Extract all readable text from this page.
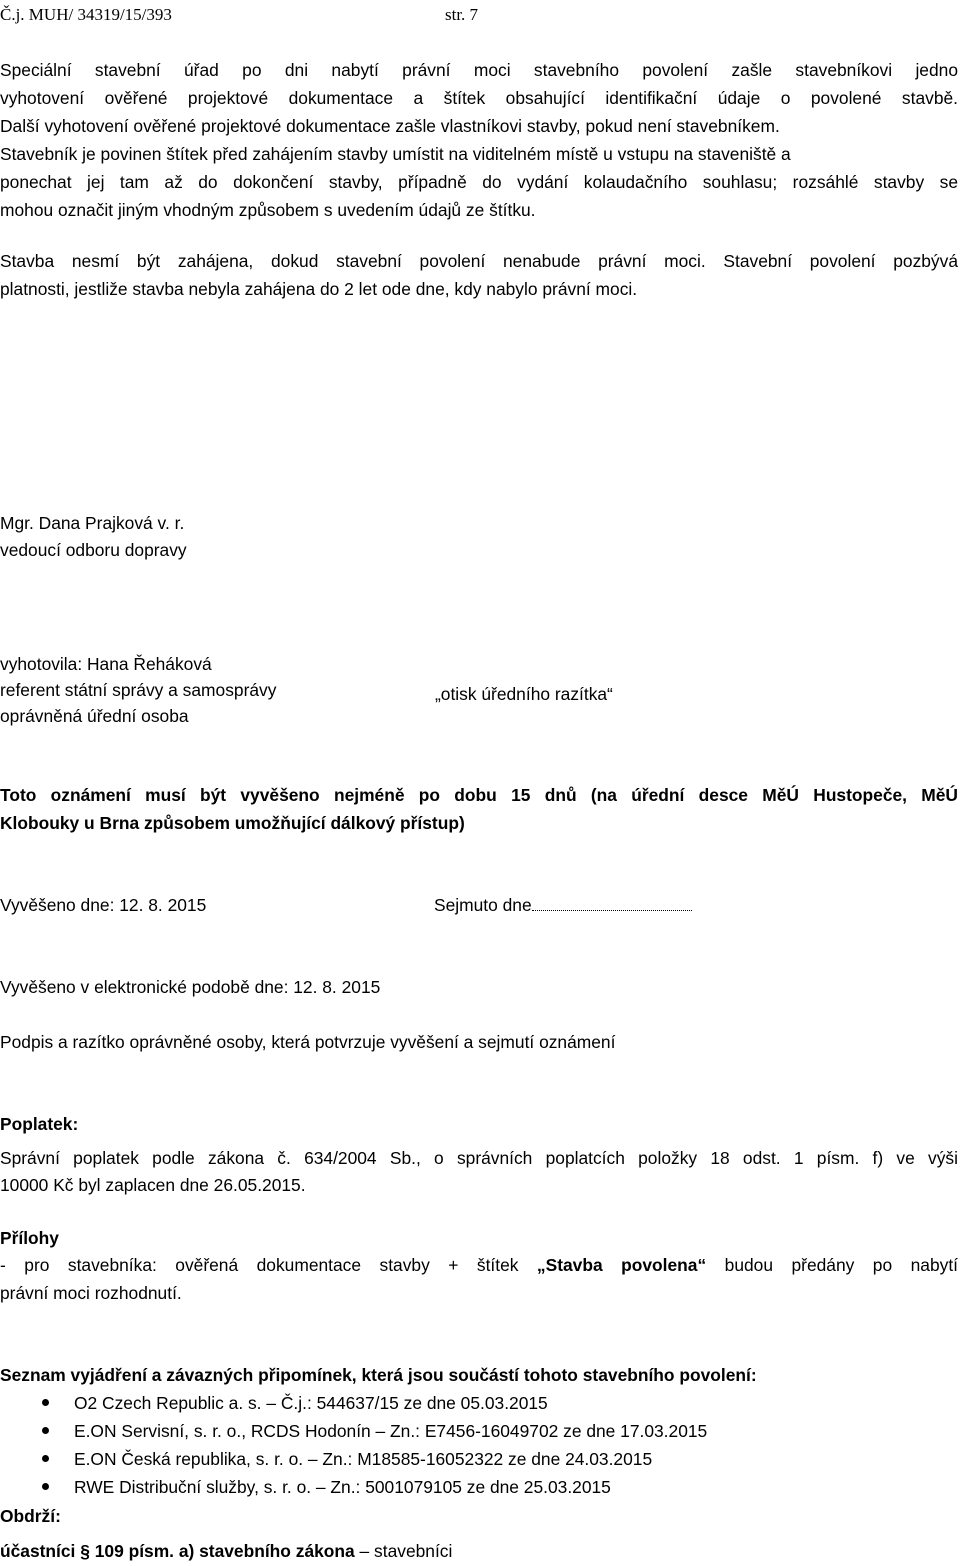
Č.j. MUH/ 34319/15/393	str. 7
Speciální stavební úřad po dni nabytí právní moci stavebního povolení zašle stavebníkovi jedno
vyhotovení ověřené projektové dokumentace a štítek obsahující identifikační údaje o povolené stavbě.
Další vyhotovení ověřené projektové dokumentace zašle vlastníkovi stavby, pokud není stavebníkem.
Stavebník je povinen štítek před zahájením stavby umístit na viditelném místě u vstupu na staveniště a
ponechat jej tam až do dokončení stavby, případně do vydání kolaudačního souhlasu; rozsáhlé stavby se
mohou označit jiným vhodným způsobem s uvedením údajů ze štítku.
Stavba nesmí být zahájena, dokud stavební povolení nenabude právní moci. Stavební povolení pozbývá
platnosti, jestliže stavba nebyla zahájena do 2 let ode dne, kdy nabylo právní moci.
Mgr. Dana Prajková v. r.
vedoucí odboru dopravy
vyhotovila: Hana Řeháková
referent státní správy a samosprávy
oprávněná úřední osoba
„otisk úředního razítka“
Toto oznámení musí být vyvěšeno nejméně po dobu 15 dnů (na úřední desce MěÚ Hustopeče, MěÚ
Klobouky u Brna způsobem umožňující dálkový přístup)
Vyvěšeno dne: 12. 8. 2015	Sejmuto dne
Vyvěšeno v elektronické podobě dne: 12. 8. 2015
Podpis a razítko oprávněné osoby, která potvrzuje vyvěšení a sejmutí oznámení
Poplatek:
Správní poplatek podle zákona č. 634/2004 Sb., o správních poplatcích položky 18 odst. 1 písm. f) ve výši
10000 Kč byl zaplacen dne 26.05.2015.
Přílohy
- pro stavebníka: ověřená dokumentace stavby + štítek „Stavba povolena“ budou předány po nabytí
právní moci rozhodnutí.
Seznam vyjádření a závazných připomínek, která jsou součástí tohoto stavebního povolení:
O2 Czech Republic a. s. – Č.j.: 544637/15 ze dne 05.03.2015
E.ON Servisní, s. r. o., RCDS Hodonín – Zn.: E7456-16049702 ze dne 17.03.2015
E.ON Česká republika, s. r. o. – Zn.: M18585-16052322 ze dne 24.03.2015
RWE Distribuční služby, s. r. o. – Zn.: 5001079105 ze dne 25.03.2015
Obdrží:
účastníci § 109 písm. a) stavebního zákona – stavebníci
